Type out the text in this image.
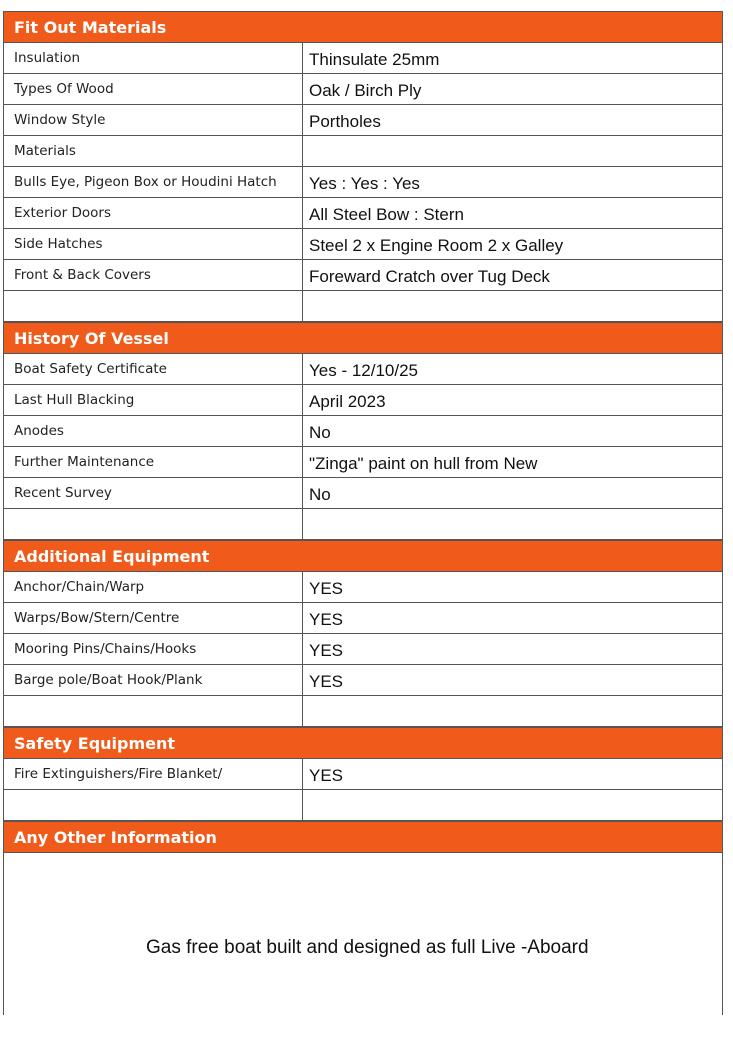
Fit Out Materials
Insulation	Thinsulate 25mm
Types Of Wood	Oak / Birch Ply
Window Style	Portholes
Materials	
Bulls Eye, Pigeon Box or Houdini Hatch	Yes : Yes : Yes
Exterior Doors	All Steel Bow : Stern
Side Hatches	Steel 2 x Engine Room 2 x Galley
Front & Back Covers	Foreward Cratch over Tug Deck

History Of Vessel
Boat Safety Certificate	Yes - 12/10/25
Last Hull Blacking	April 2023
Anodes	No
Further Maintenance	"Zinga" paint on hull from New
Recent Survey	No

Additional Equipment
Anchor/Chain/Warp	YES
Warps/Bow/Stern/Centre	YES
Mooring Pins/Chains/Hooks	YES
Barge pole/Boat Hook/Plank	YES

Safety Equipment
Fire Extinguishers/Fire Blanket/	YES

Any Other Information
Gas free boat built and designed as full Live -Aboard
